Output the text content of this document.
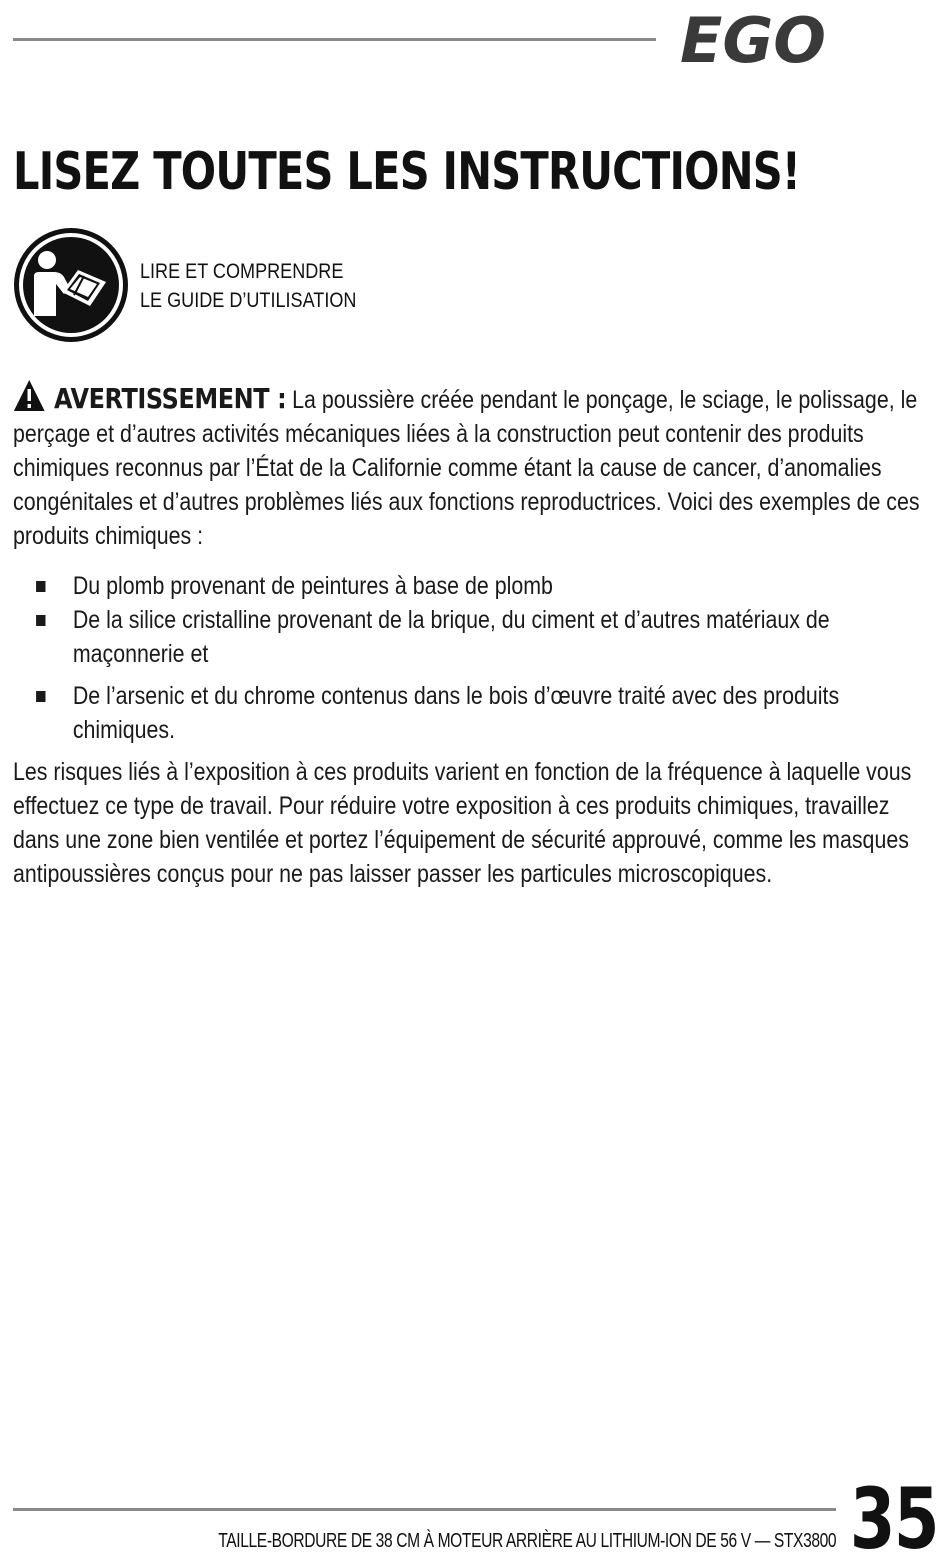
EGO
LISEZ TOUTES LES INSTRUCTIONS!
LIRE ET COMPRENDRE
LE GUIDE D’UTILISATION

AVERTISSEMENT : La poussière créée pendant le ponçage, le sciage, le polissage, le perçage et d’autres activités mécaniques liées à la construction peut contenir des produits chimiques reconnus par l’État de la Californie comme étant la cause de cancer, d’anomalies congénitales et d’autres problèmes liés aux fonctions reproductrices. Voici des exemples de ces produits chimiques :

Du plomb provenant de peintures à base de plomb
De la silice cristalline provenant de la brique, du ciment et d’autres matériaux de maçonnerie et
De l’arsenic et du chrome contenus dans le bois d’œuvre traité avec des produits chimiques.

Les risques liés à l’exposition à ces produits varient en fonction de la fréquence à laquelle vous effectuez ce type de travail. Pour réduire votre exposition à ces produits chimiques, travaillez dans une zone bien ventilée et portez l’équipement de sécurité approuvé, comme les masques antipoussières conçus pour ne pas laisser passer les particules microscopiques.

TAILLE-BORDURE DE 38 CM À MOTEUR ARRIÈRE AU LITHIUM-ION DE 56 V — STX3800 35
